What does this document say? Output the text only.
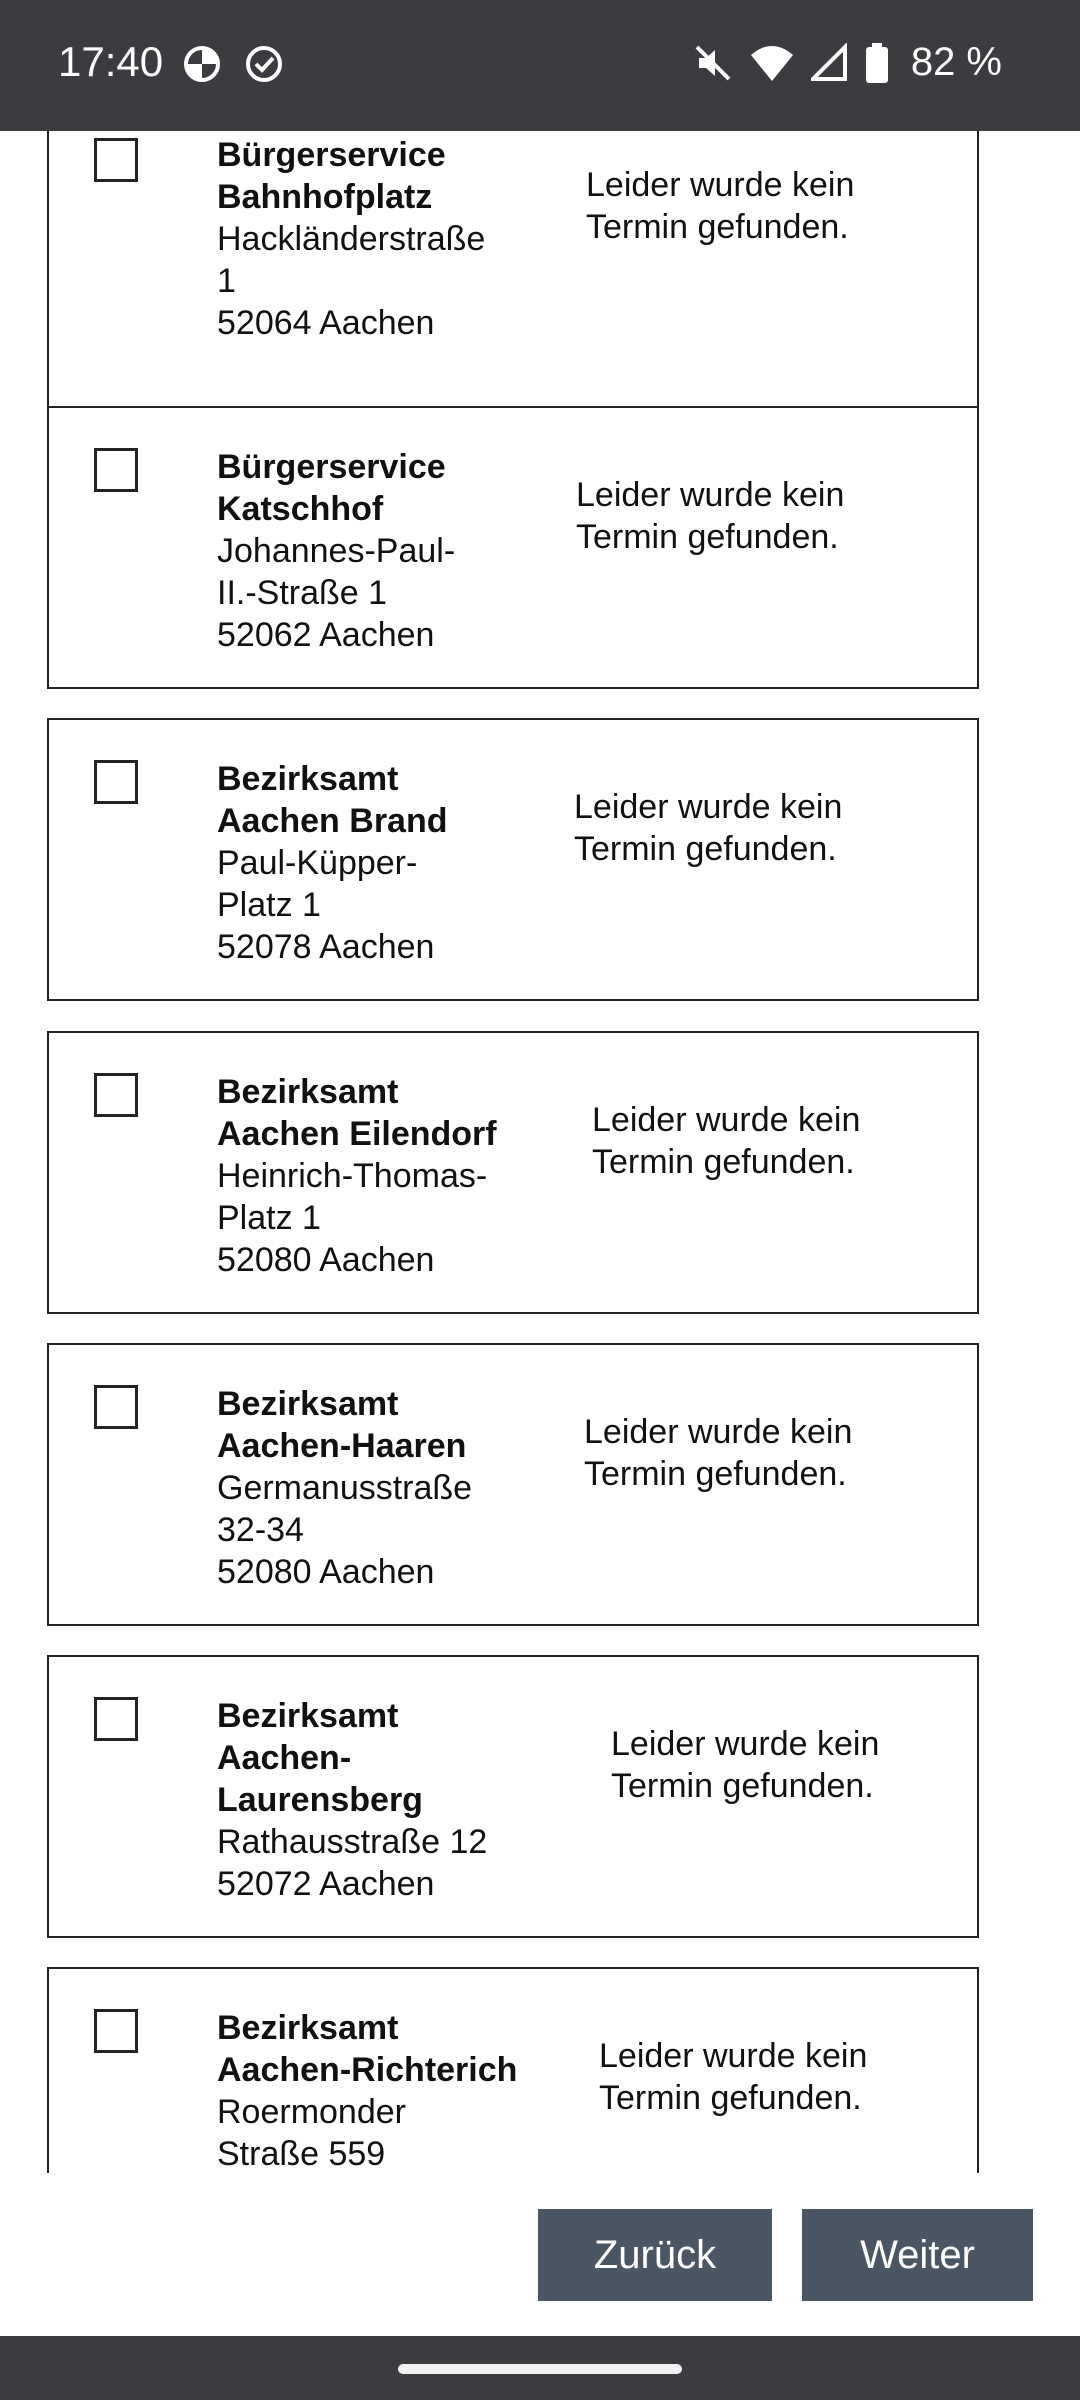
17:40	82 %
Bürgerservice
Bahnhofplatz
Hackländerstraße
1
52064 Aachen
Leider wurde kein Termin gefunden.
Bürgerservice
Katschhof
Johannes-Paul-
II.-Straße 1
52062 Aachen
Leider wurde kein Termin gefunden.
Bezirksamt
Aachen Brand
Paul-Küpper-
Platz 1
52078 Aachen
Leider wurde kein Termin gefunden.
Bezirksamt
Aachen Eilendorf
Heinrich-Thomas-
Platz 1
52080 Aachen
Leider wurde kein Termin gefunden.
Bezirksamt
Aachen-Haaren
Germanusstraße
32-34
52080 Aachen
Leider wurde kein Termin gefunden.
Bezirksamt
Aachen-
Laurensberg
Rathausstraße 12
52072 Aachen
Leider wurde kein Termin gefunden.
Bezirksamt
Aachen-Richterich
Roermonder
Straße 559
Leider wurde kein Termin gefunden.
Zurück	Weiter
